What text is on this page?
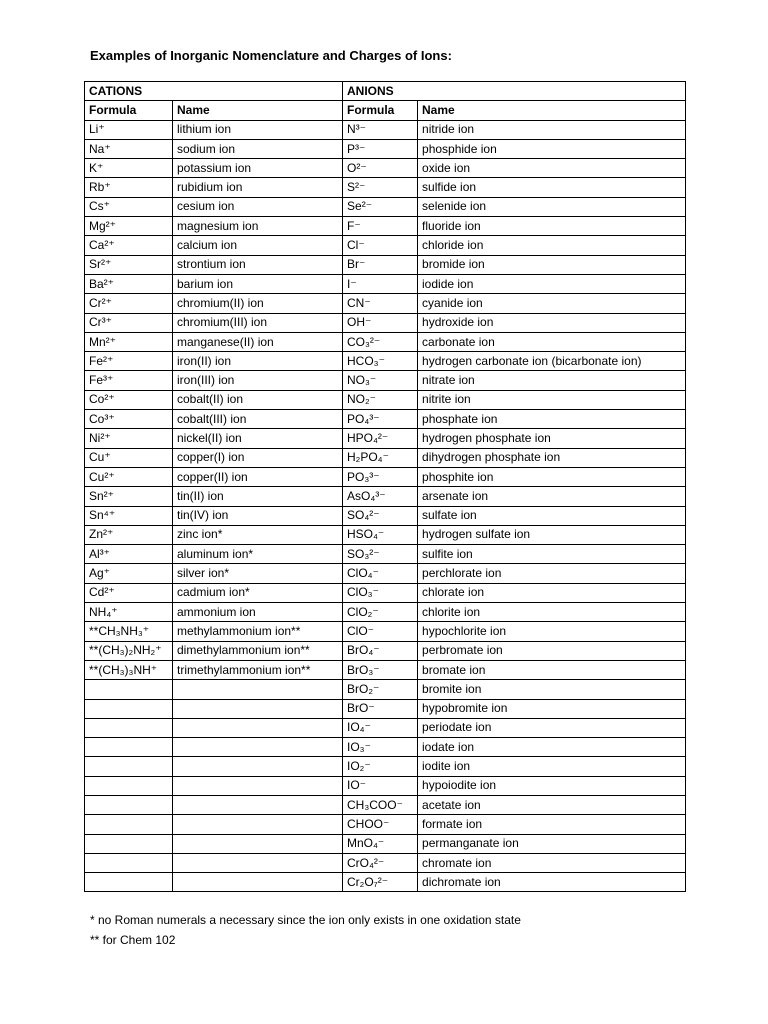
Examples of Inorganic Nomenclature and Charges of Ions:
CATIONS		ANIONS	
Formula	Name	Formula	Name
Li⁺	lithium ion	N³⁻	nitride ion
Na⁺	sodium ion	P³⁻	phosphide ion
K⁺	potassium ion	O²⁻	oxide ion
Rb⁺	rubidium ion	S²⁻	sulfide ion
Cs⁺	cesium ion	Se²⁻	selenide ion
Mg²⁺	magnesium ion	F⁻	fluoride ion
Ca²⁺	calcium ion	Cl⁻	chloride ion
Sr²⁺	strontium ion	Br⁻	bromide ion
Ba²⁺	barium ion	I⁻	iodide ion
Cr²⁺	chromium(II) ion	CN⁻	cyanide ion
Cr³⁺	chromium(III) ion	OH⁻	hydroxide ion
Mn²⁺	manganese(II) ion	CO₃²⁻	carbonate ion
Fe²⁺	iron(II) ion	HCO₃⁻	hydrogen carbonate ion (bicarbonate ion)
Fe³⁺	iron(III) ion	NO₃⁻	nitrate ion
Co²⁺	cobalt(II) ion	NO₂⁻	nitrite ion
Co³⁺	cobalt(III) ion	PO₄³⁻	phosphate ion
Ni²⁺	nickel(II) ion	HPO₄²⁻	hydrogen phosphate ion
Cu⁺	copper(I) ion	H₂PO₄⁻	dihydrogen phosphate ion
Cu²⁺	copper(II) ion	PO₃³⁻	phosphite ion
Sn²⁺	tin(II) ion	AsO₄³⁻	arsenate ion
Sn⁴⁺	tin(IV) ion	SO₄²⁻	sulfate ion
Zn²⁺	zinc ion*	HSO₄⁻	hydrogen sulfate ion
Al³⁺	aluminum ion*	SO₃²⁻	sulfite ion
Ag⁺	silver ion*	ClO₄⁻	perchlorate ion
Cd²⁺	cadmium ion*	ClO₃⁻	chlorate ion
NH₄⁺	ammonium ion	ClO₂⁻	chlorite ion
**CH₃NH₃⁺	methylammonium ion**	ClO⁻	hypochlorite ion
**(CH₃)₂NH₂⁺	dimethylammonium ion**	BrO₄⁻	perbromate ion
**(CH₃)₃NH⁺	trimethylammonium ion**	BrO₃⁻	bromate ion
		BrO₂⁻	bromite ion
		BrO⁻	hypobromite ion
		IO₄⁻	periodate ion
		IO₃⁻	iodate ion
		IO₂⁻	iodite ion
		IO⁻	hypoiodite ion
		CH₃COO⁻	acetate ion
		CHOO⁻	formate ion
		MnO₄⁻	permanganate ion
		CrO₄²⁻	chromate ion
		Cr₂O₇²⁻	dichromate ion
* no Roman numerals a necessary since the ion only exists in one oxidation state
** for Chem 102
